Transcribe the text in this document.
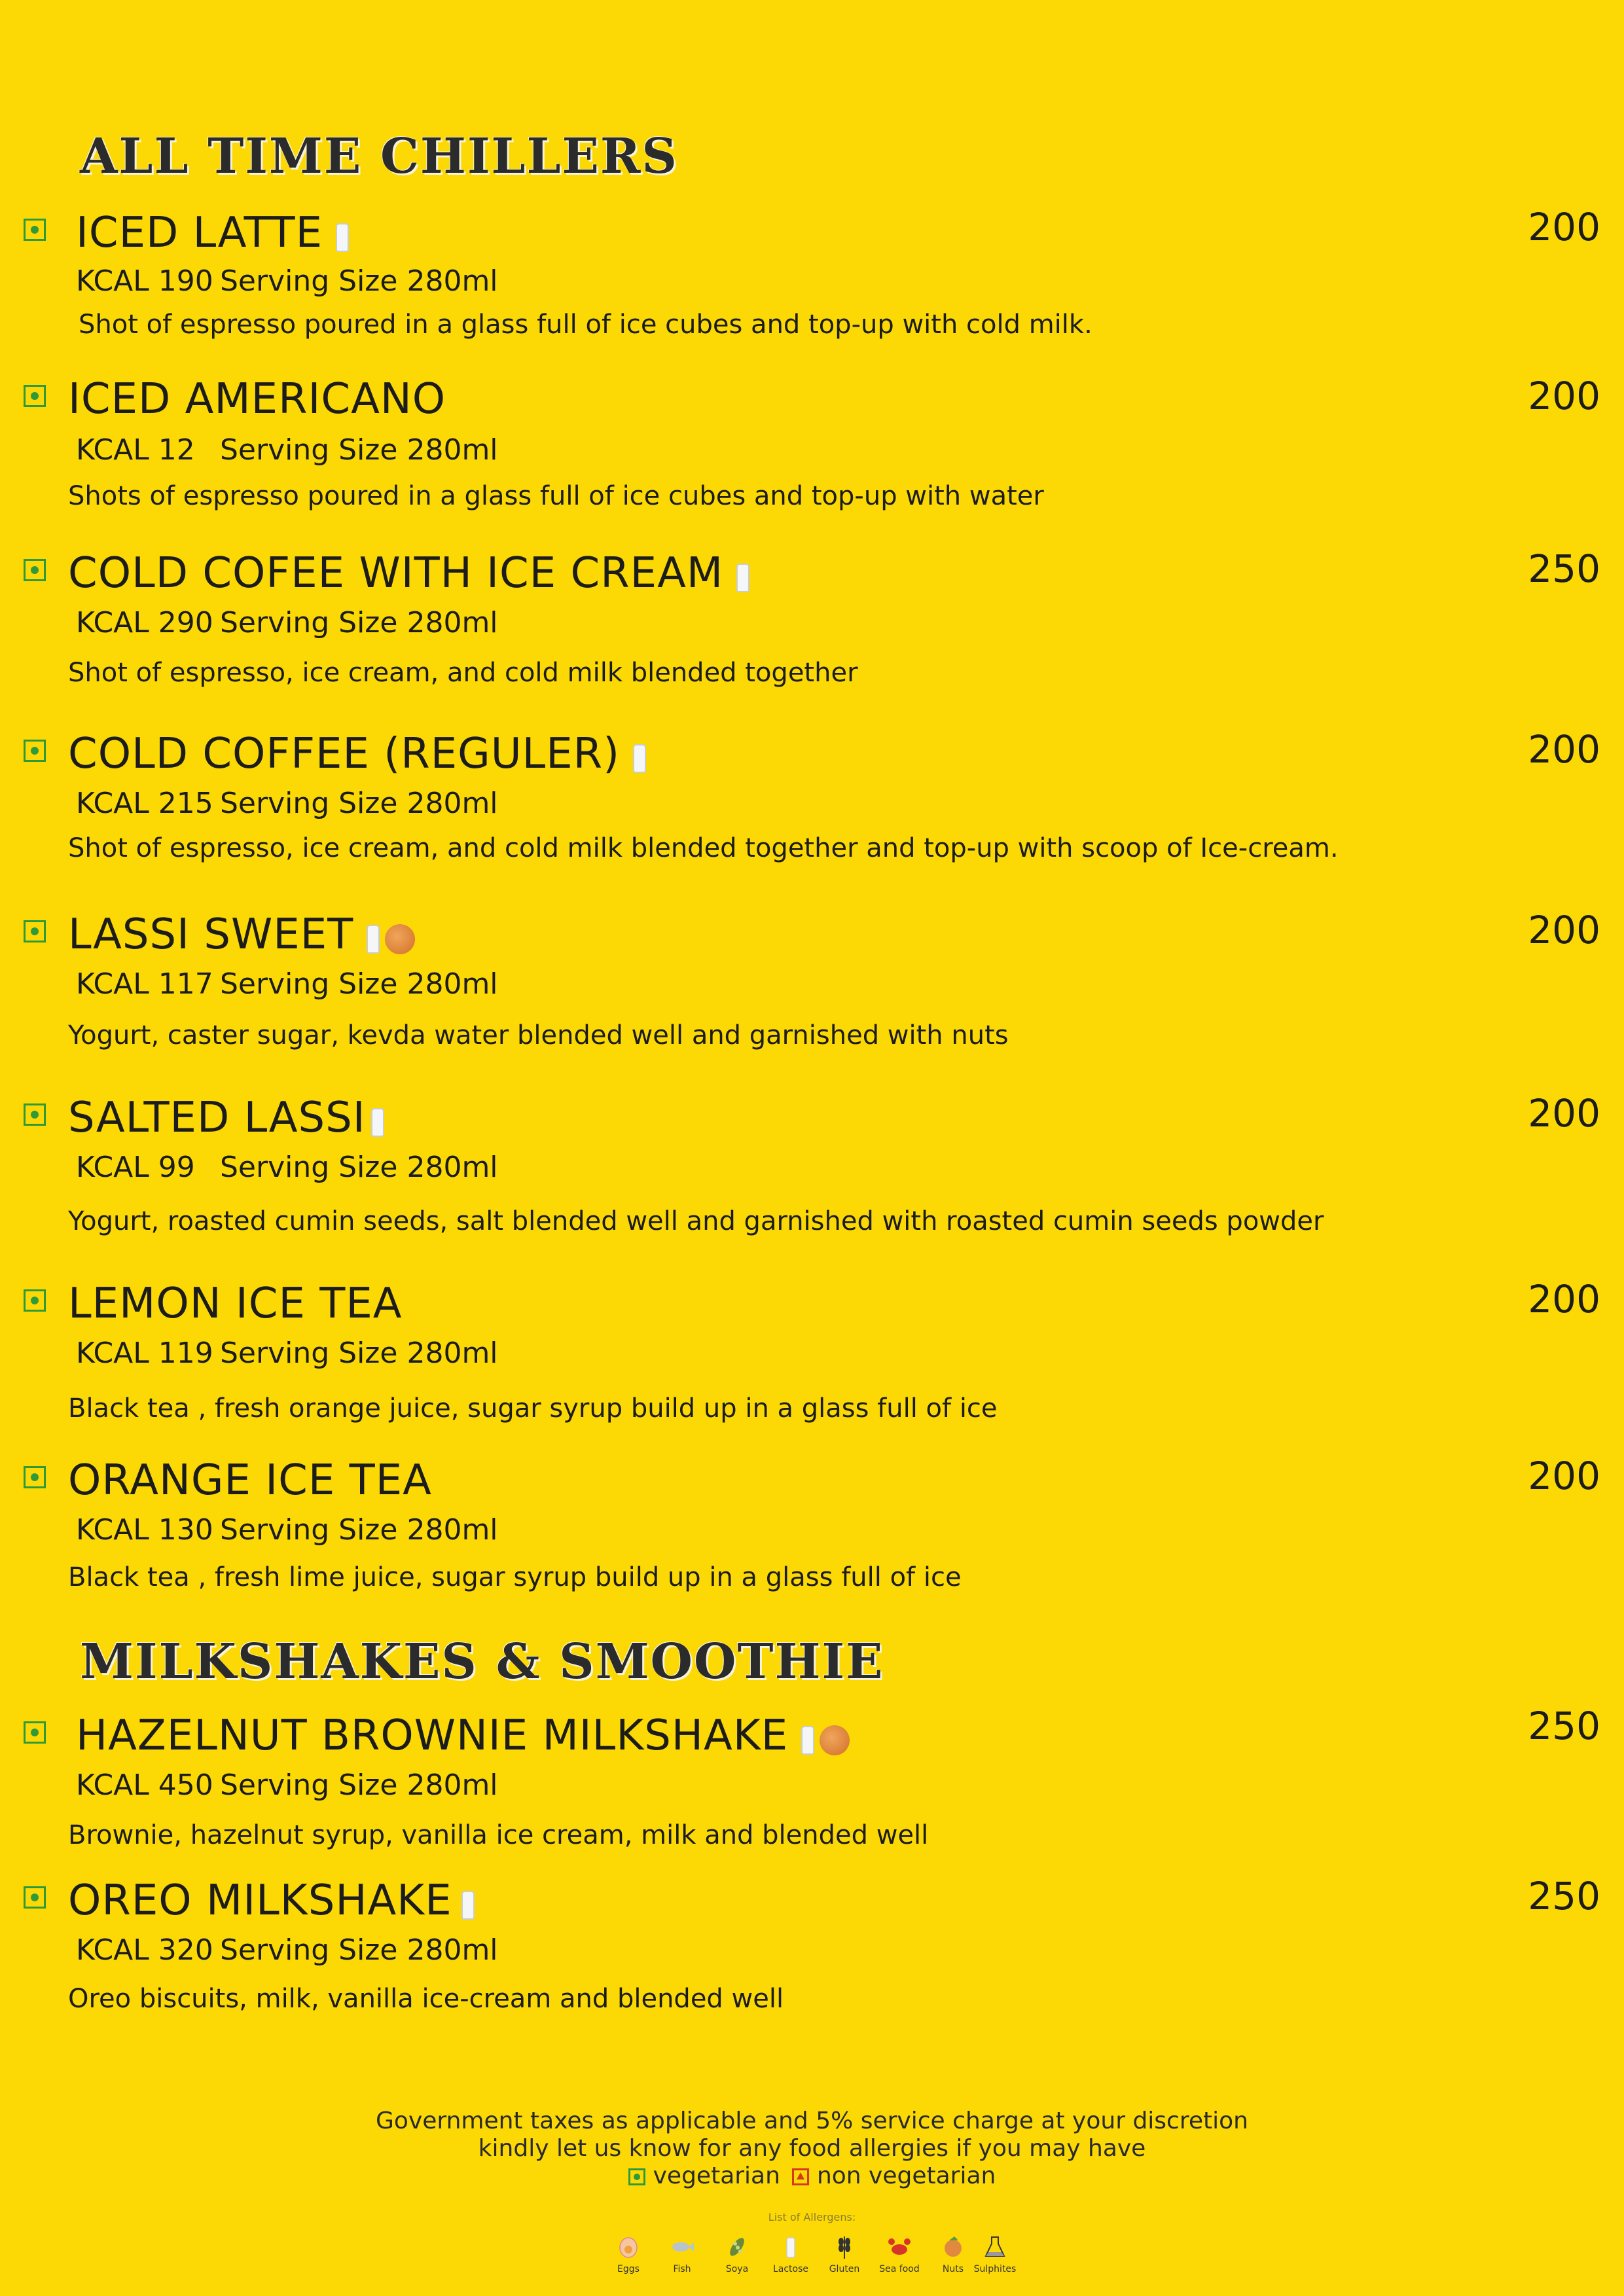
ALL TIME CHILLERS
ICED LATTE	200
KCAL 190 Serving Size 280ml
Shot of espresso poured in a glass full of ice cubes and top-up with cold milk.
ICED AMERICANO	200
KCAL 12 Serving Size 280ml
Shots of espresso poured in a glass full of ice cubes and top-up with water
COLD COFEE WITH ICE CREAM	250
KCAL 290 Serving Size 280ml
Shot of espresso, ice cream, and cold milk blended together
COLD COFFEE (REGULER)	200
KCAL 215 Serving Size 280ml
Shot of espresso, ice cream, and cold milk blended together and top-up with scoop of Ice-cream.
LASSI SWEET	200
KCAL 117 Serving Size 280ml
Yogurt, caster sugar, kevda water blended well and garnished with nuts
SALTED LASSI	200
KCAL 99 Serving Size 280ml
Yogurt, roasted cumin seeds, salt blended well and garnished with roasted cumin seeds powder
LEMON ICE TEA	200
KCAL 119 Serving Size 280ml
Black tea , fresh orange juice, sugar syrup build up in a glass full of ice
ORANGE ICE TEA	200
KCAL 130 Serving Size 280ml
Black tea , fresh lime juice, sugar syrup build up in a glass full of ice
MILKSHAKES & SMOOTHIE
HAZELNUT BROWNIE MILKSHAKE	250
KCAL 450 Serving Size 280ml
Brownie, hazelnut syrup, vanilla ice cream, milk and blended well
OREO MILKSHAKE	250
KCAL 320 Serving Size 280ml
Oreo biscuits, milk, vanilla ice-cream and blended well
Government taxes as applicable and 5% service charge at your discretion
kindly let us know for any food allergies if you may have
vegetarian non vegetarian
List of Allergens:
Eggs	Fish	Soya	Lactose	Gluten	Sea food	Nuts	Sulphites
